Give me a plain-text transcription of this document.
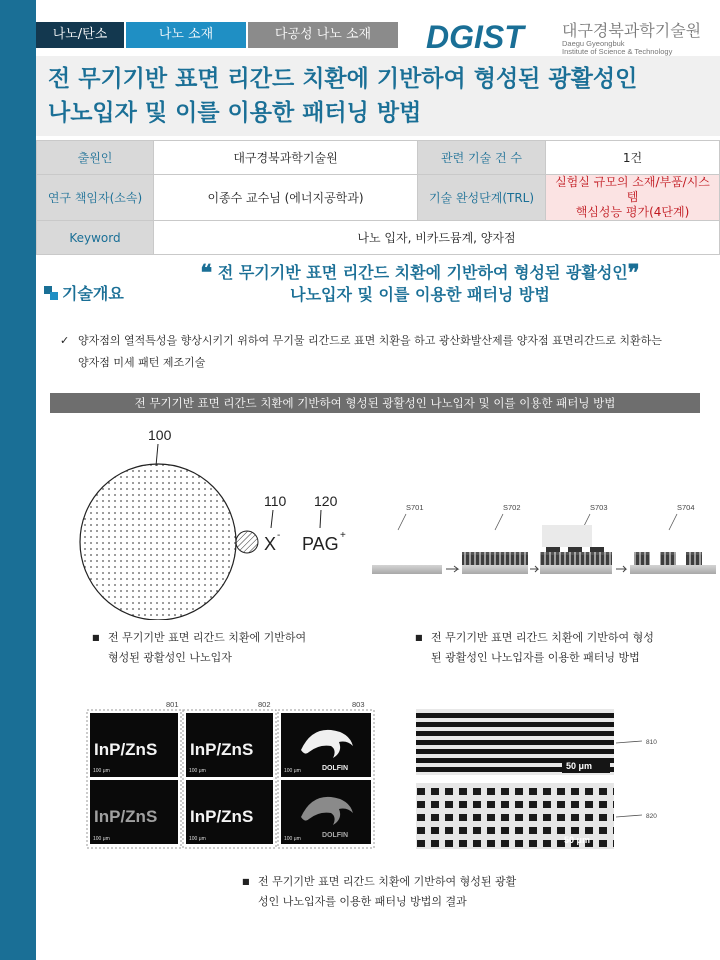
나노/탄소	나노 소재	다공성 나노 소재	DGIST 대구경북과학기술원
Daegu Gyeongbuk
Institute of Science & Technology
전 무기기반 표면 리간드 치환에 기반하여 형성된 광활성인
나노입자 및 이를 이용한 패터닝 방법
출원인	대구경북과학기술원	관련 기술 건 수	1건
연구 책임자(소속)	이종수 교수님 (에너지공학과)	기술 완성단계(TRL)	실험실 규모의 소재/부품/시스템
핵심성능 평가(4단계)

Keyword	나노 입자, 비카드뮴계, 양자점		
기술개요
❝ 전 무기기반 표면 리간드 치환에 기반하여 형성된 광활성인❞
나노입자 및 이를 이용한 패터닝 방법
✓ 양자점의 열적특성을 향상시키기 위하여 무기물 리간드로 표면 치환을 하고 광산화발산제를 양자점 표면리간드로 치환하는

양자점 미세 패턴 제조기술

전 무기기반 표면 리간드 치환에 기반하여 형성된 광활성인 나노입자 및 이를 이용한 패터닝 방법
100
110 120
X - PAG +
S701	S702	S703	S704
■ 전 무기기반 표면 리간드 치환에 기반하여
형성된 광활성인 나노입자
■ 전 무기기반 표면 리간드 치환에 기반하여 형성
된 광활성인 나노입자를 이용한 패터닝 방법
801	802	803
InP/ZnS
100 μm
InP/ZnS
100 μm
InP/ZnS
100 μm
InP/ZnS
100 μm
DOLFIN
100 μm
DOLFIN
100 μm
50 μm
810
50 μm
820
■ 전 무기기반 표면 리간드 치환에 기반하여 형성된 광활
성인 나노입자를 이용한 패터닝 방법의 결과
